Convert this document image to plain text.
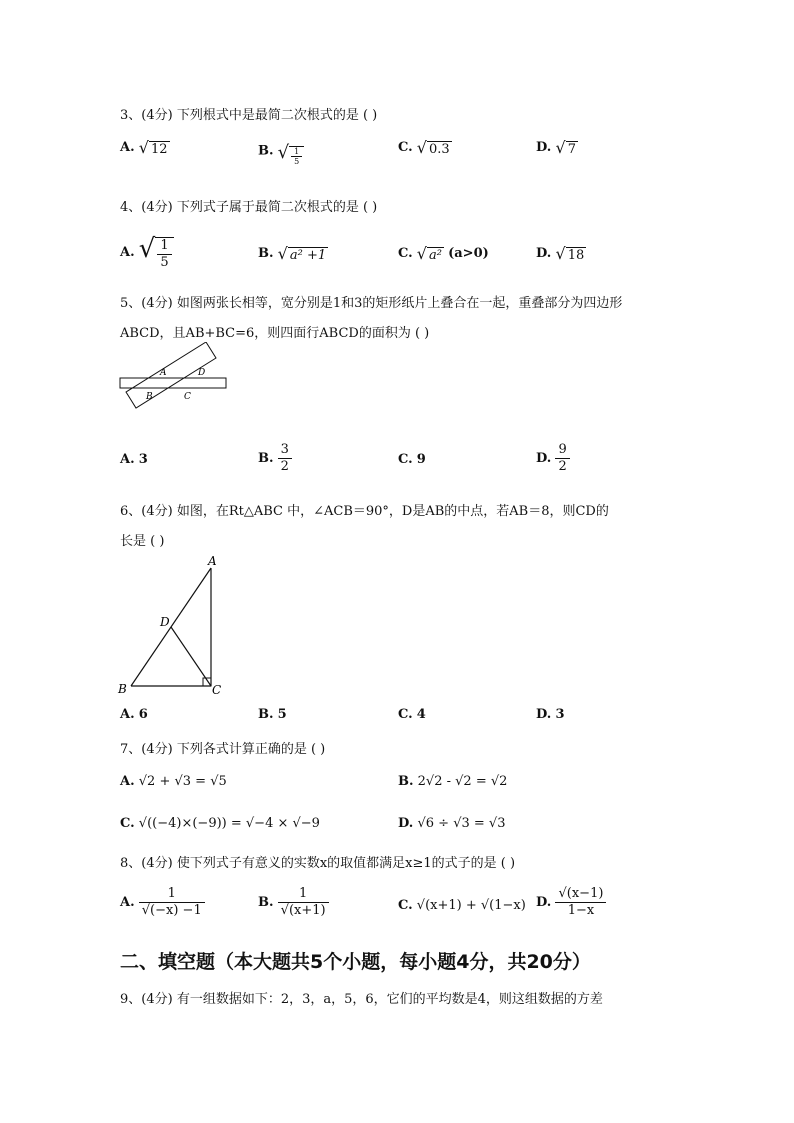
3、(4分) 下列根式中是最简二次根式的是 ( )
A. √ 12	B. √ $\frac{1}{5}$	C. √ 0.3	D. √ 7
4、(4分) 下列式子属于最简二次根式的是 ( )
A. √ $\frac{1}{5}$	B. √ a² +1	C. √ a² (a>0)	D. √ 18
5、(4分) 如图两张长相等，宽分别是1和3的矩形纸片上叠合在一起，重叠部分为四边形
ABCD，且AB+BC=6，则四面行ABCD的面积为 ( )
A	D
B	C
A. 3	B. $\frac{3}{2}$	C. 9	D. $\frac{9}{2}$
6、(4分) 如图，在Rt△ABC 中，∠ACB＝90°，D是AB的中点，若AB＝8，则CD的
长是 ( )
A
D
B	C
A. 6	B. 5	C. 4	D. 3
7、(4分) 下列各式计算正确的是 ( )
A. √2 + √3 = √5	B. 2√2 - √2 = √2
C. √((−4)×(−9)) = √−4 × √−9	D. √6 ÷ √3 = √3
8、(4分) 使下列式子有意义的实数x的取值都满足x≥1的式子的是 ( )
A. $\frac{1}{√(-x) -1}$	B. $\frac{1}{√(x+1)}$	C. √(x+1) + √(1−x) D. $\frac{√(x-1)}{1-x}$
二、填空题（本大题共5个小题，每小题4分，共20分）
9、(4分) 有一组数据如下：2，3，a，5，6，它们的平均数是4，则这组数据的方差
